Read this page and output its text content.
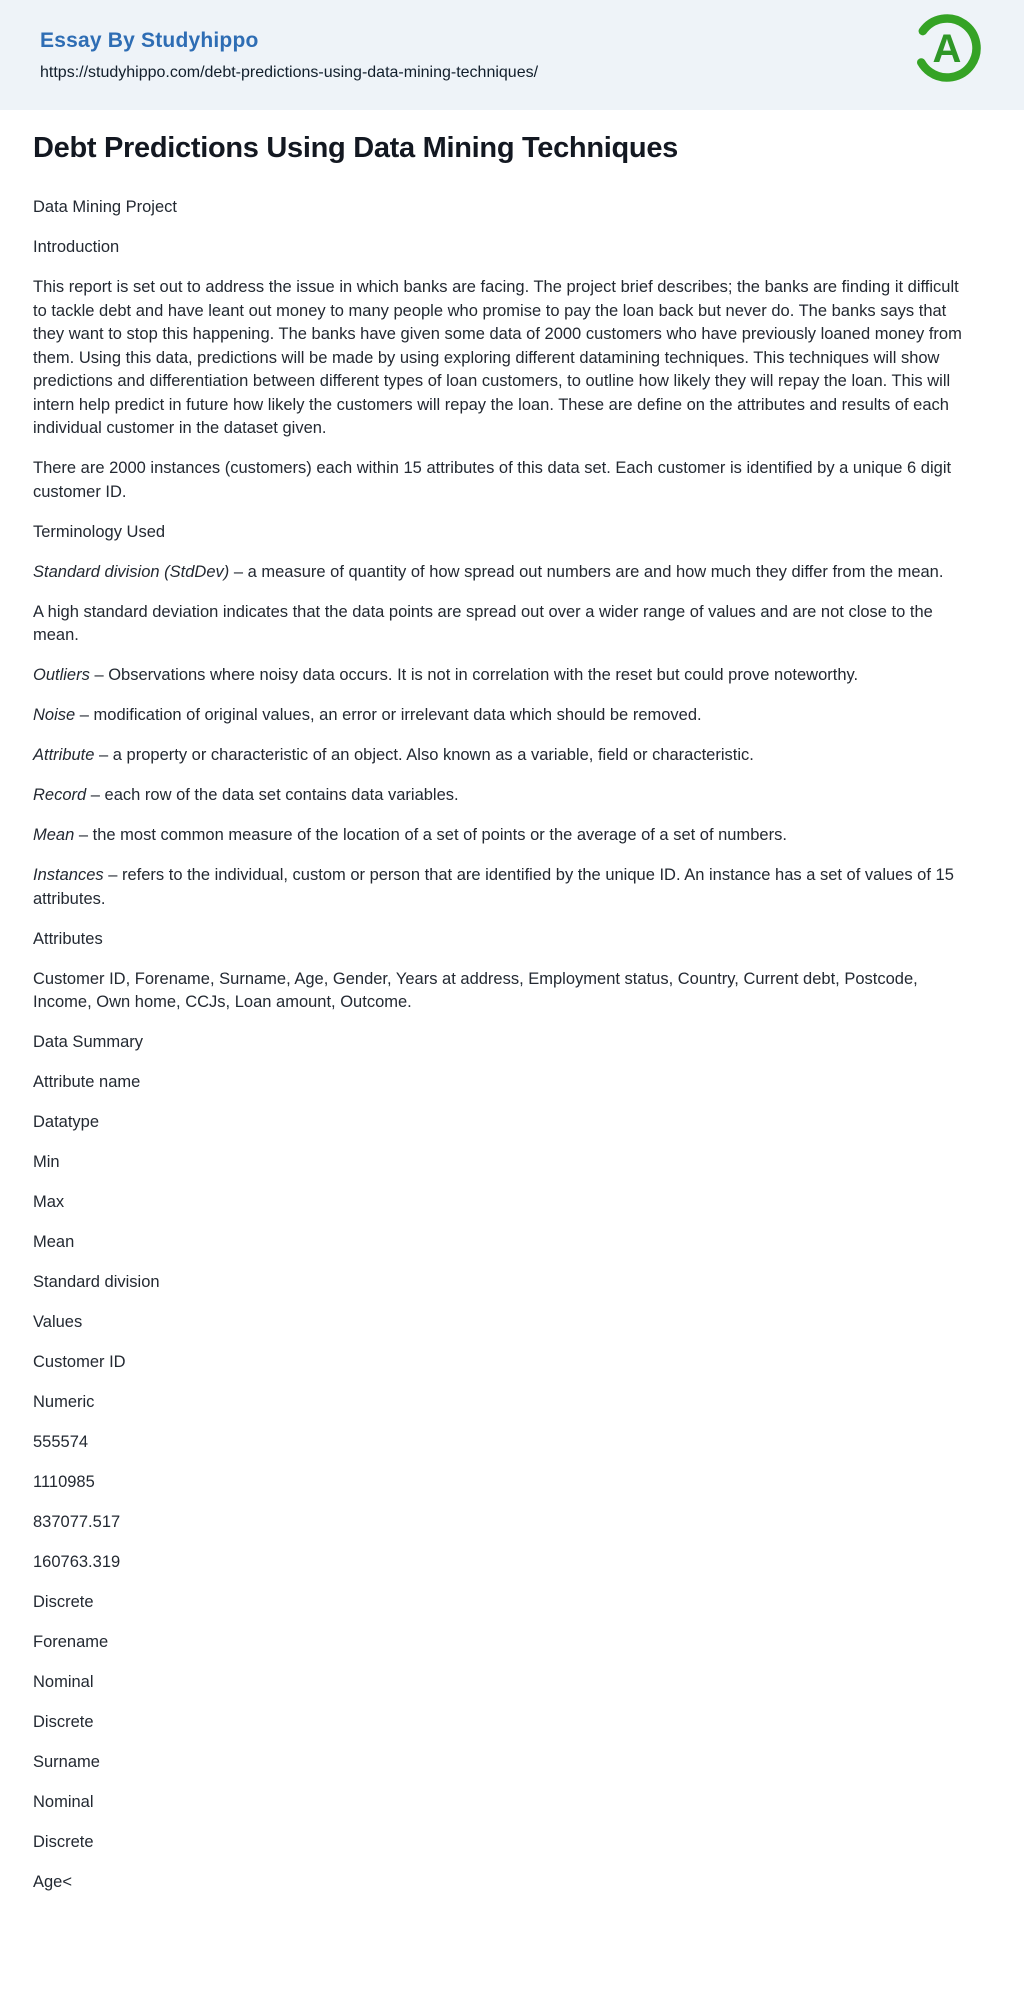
Essay By Studyhippo
https://studyhippo.com/debt-predictions-using-data-mining-techniques/
A
Debt Predictions Using Data Mining Techniques

Data Mining Project

Introduction

This report is set out to address the issue in which banks are facing. The project brief describes; the banks are finding it difficult to tackle debt and have leant out money to many people who promise to pay the loan back but never do. The banks says that they want to stop this happening. The banks have given some data of 2000 customers who have previously loaned money from them. Using this data, predictions will be made by using exploring different datamining techniques. This techniques will show predictions and differentiation between different types of loan customers, to outline how likely they will repay the loan. This will intern help predict in future how likely the customers will repay the loan. These are define on the attributes and results of each individual customer in the dataset given.

There are 2000 instances (customers) each within 15 attributes of this data set. Each customer is identified by a unique 6 digit customer ID.

Terminology Used

Standard division (StdDev) – a measure of quantity of how spread out numbers are and how much they differ from the mean.

A high standard deviation indicates that the data points are spread out over a wider range of values and are not close to the mean.

Outliers – Observations where noisy data occurs. It is not in correlation with the reset but could prove noteworthy.

Noise – modification of original values, an error or irrelevant data which should be removed.

Attribute – a property or characteristic of an object. Also known as a variable, field or characteristic.

Record – each row of the data set contains data variables.

Mean – the most common measure of the location of a set of points or the average of a set of numbers.

Instances – refers to the individual, custom or person that are identified by the unique ID. An instance has a set of values of 15 attributes.

Attributes

Customer ID, Forename, Surname, Age, Gender, Years at address, Employment status, Country, Current debt, Postcode, Income, Own home, CCJs, Loan amount, Outcome.

Data Summary

Attribute name

Datatype

Min

Max

Mean

Standard division

Values

Customer ID

Numeric

555574

1110985

837077.517

160763.319

Discrete

Forename

Nominal

Discrete

Surname

Nominal

Discrete

Age<
